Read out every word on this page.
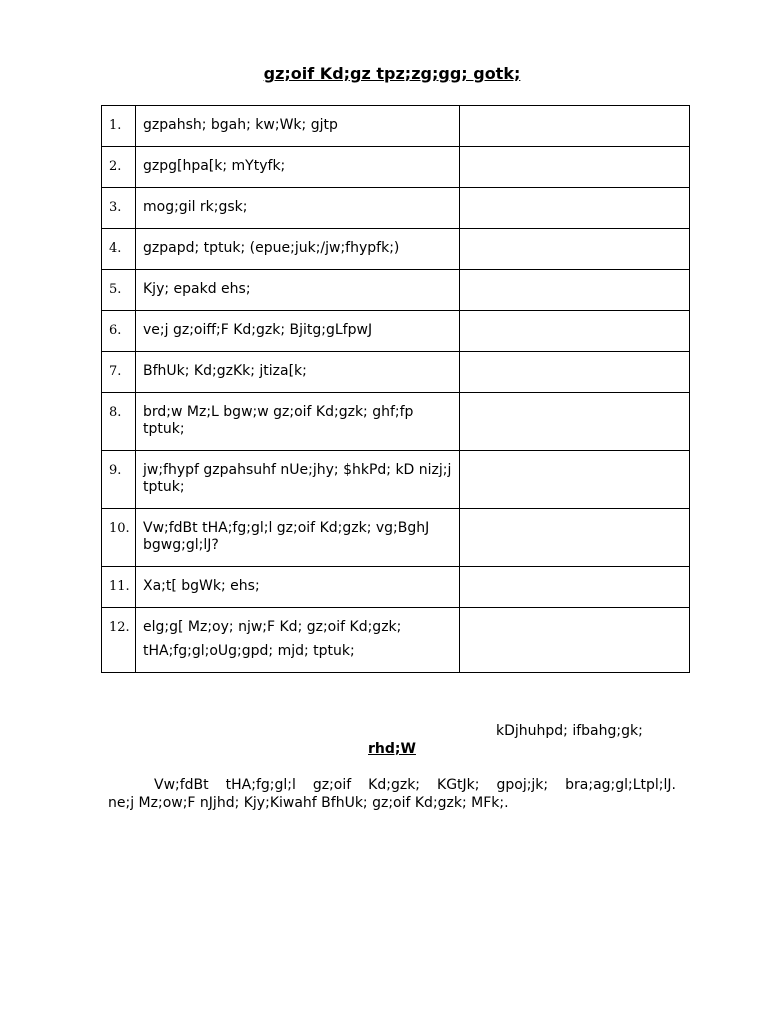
gz;oif Kd;gz tpz;zg;gg; gotk;
1.	gzpahsh; bgah; kw;Wk; gjtp	

2.	gzpg[hpa[k; mYtyfk;	

3.	mog;gil rk;gsk;	

4.	gzpapd; tptuk; (epue;juk;/jw;fhypfk;)	

5.	Kjy; epakd ehs;	

6.	ve;j gz;oiff;F Kd;gzk; Bjitg;gLfpwJ	

7.	BfhUk; Kd;gzKk; jtiza[k;	

8.	brd;w Mz;L bgw;w gz;oif Kd;gzk; ghf;fp tptuk;	

9.	jw;fhypf gzpahsuhf nUe;jhy; $hkPd; kD nizj;j tptuk;	

10.	Vw;fdBt tHA;fg;gl;l gz;oif Kd;gzk; vg;BghJ bgwg;gl;lJ?	

11.	Xa;t[ bgWk; ehs;	

12.	elg;g[ Mz;oy; njw;F Kd; gz;oif Kd;gzk; tHA;fg;gl;oUg;gpd; mjd; tptuk;	

kDjhuhpd; ifbahg;gk;
rhd;W

Vw;fdBt tHA;fg;gl;l gz;oif Kd;gzk; KGtJk; gpoj;jk; bra;ag;gl;Ltpl;lJ.
ne;j Mz;ow;F nJjhd; Kjy;Kiwahf BfhUk; gz;oif Kd;gzk; MFk;.
